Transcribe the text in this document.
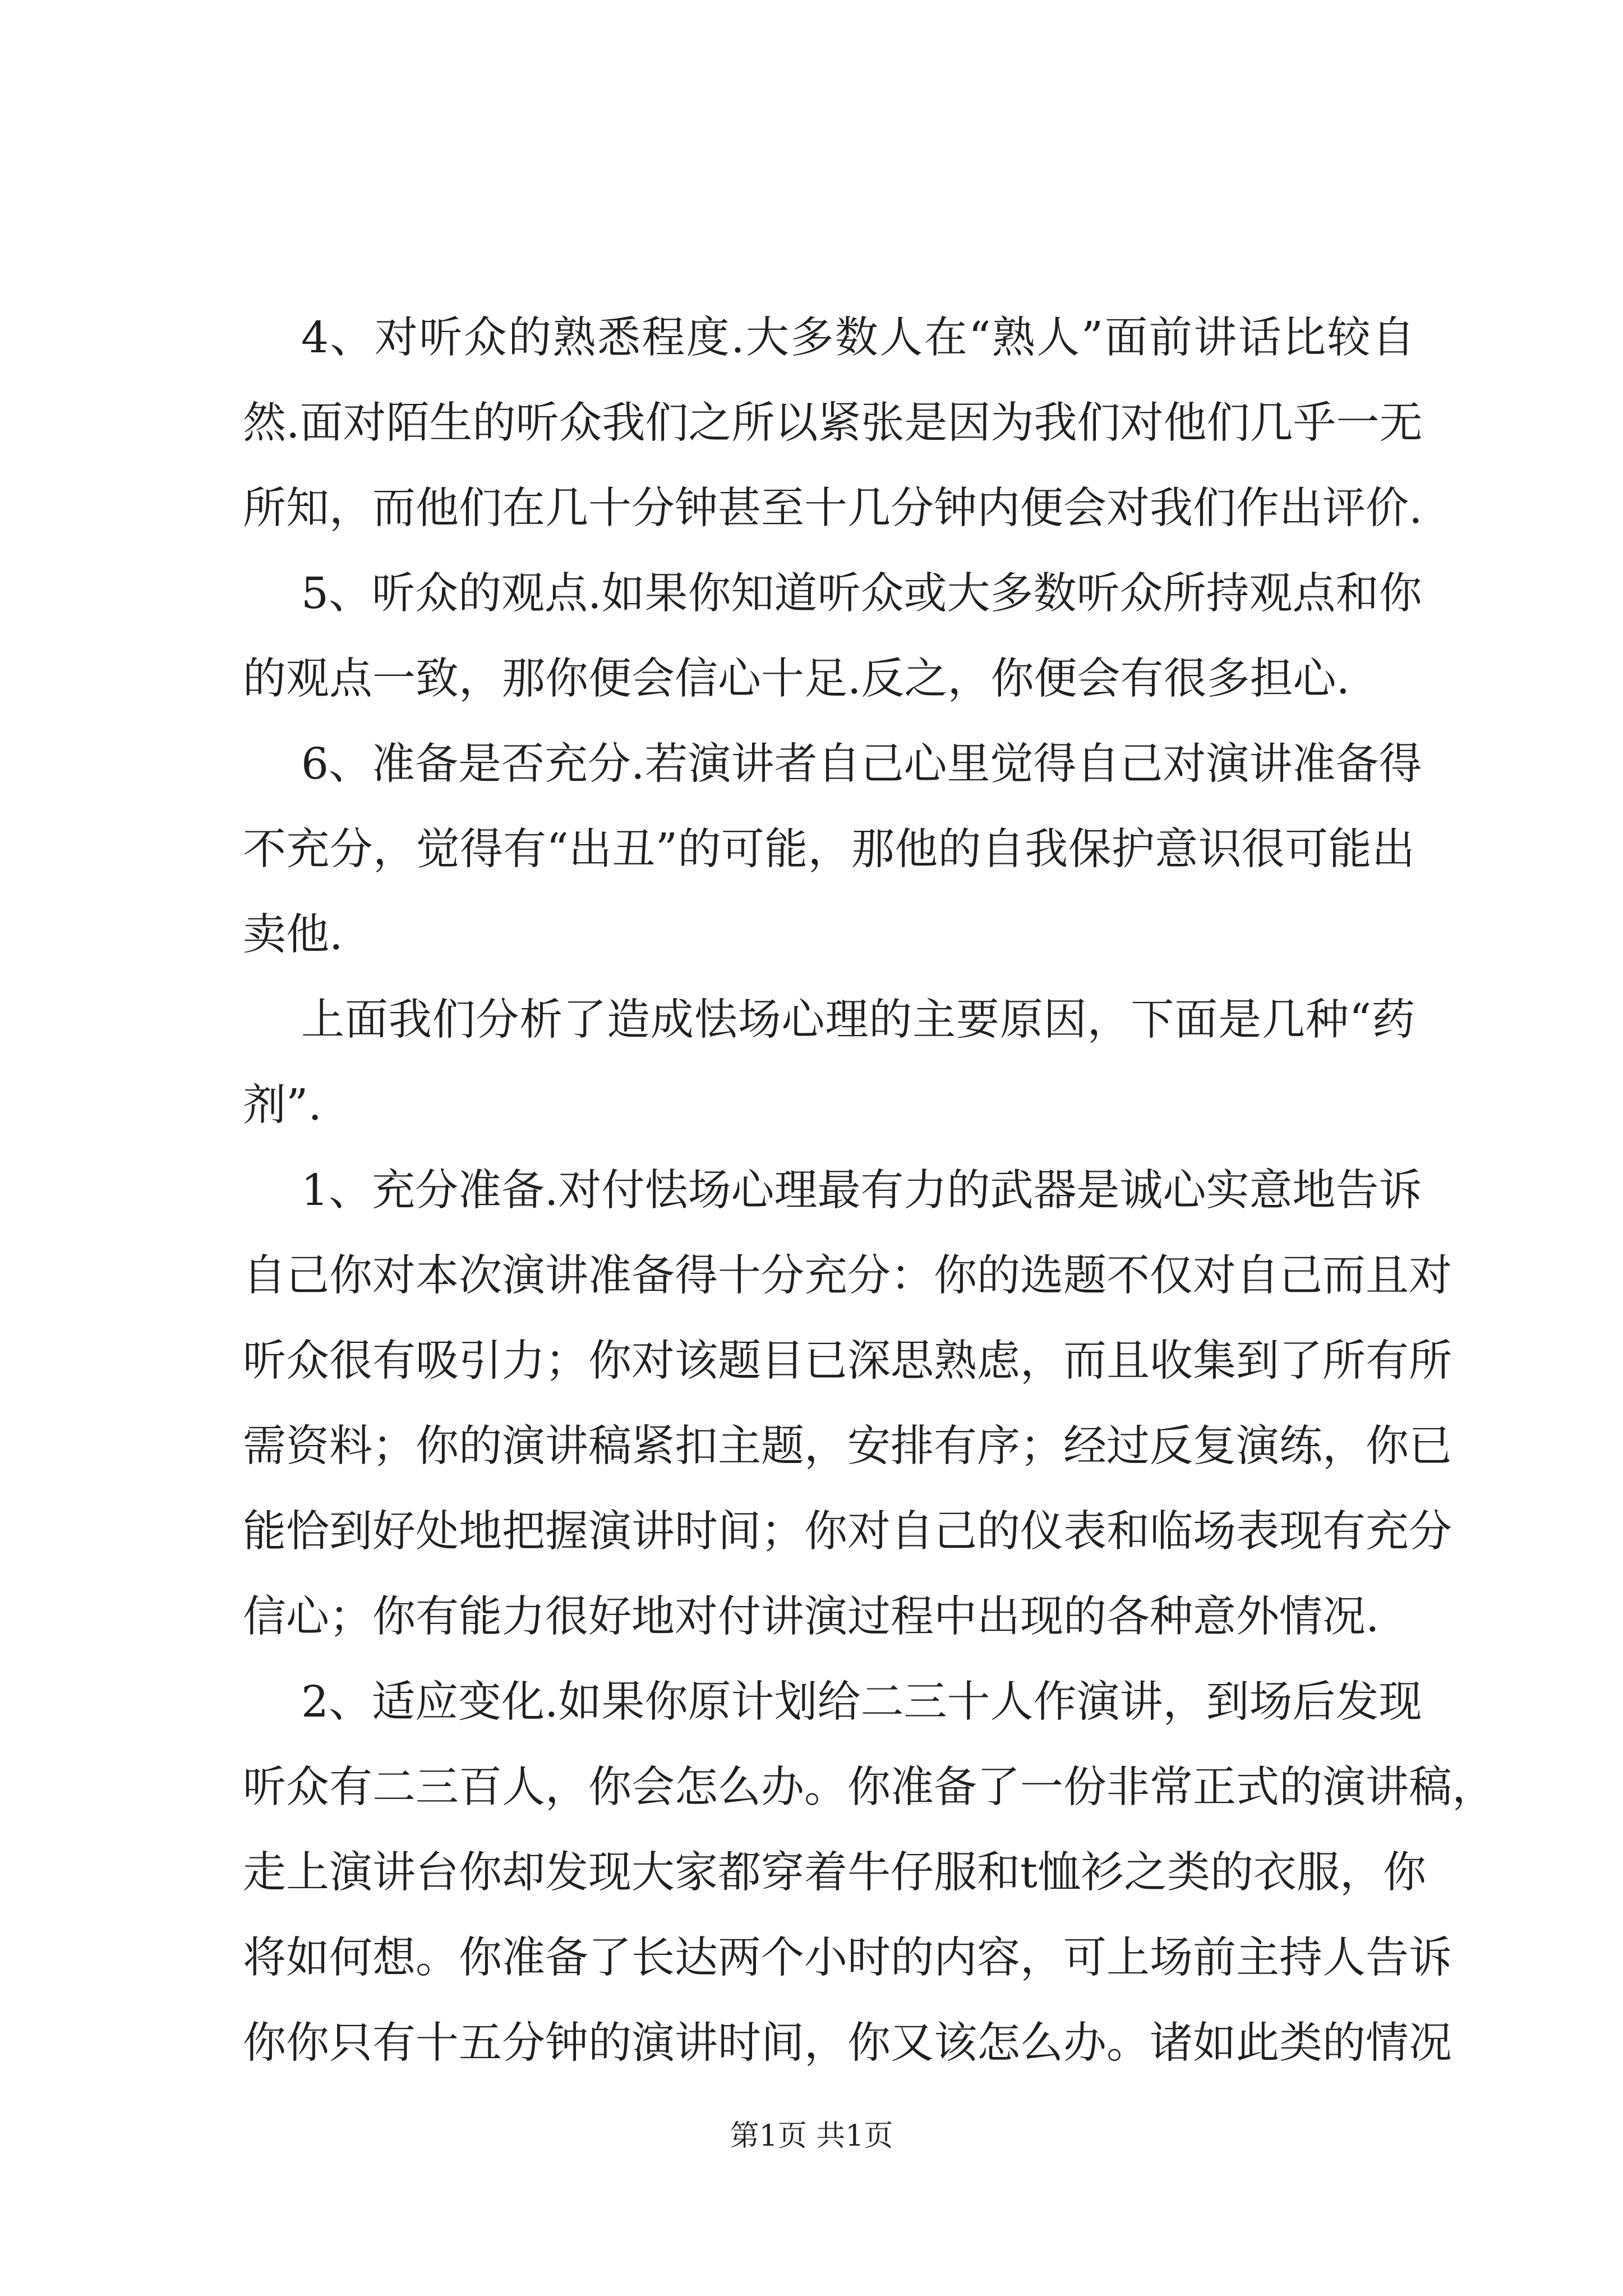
4、对听众的熟悉程度.大多数人在“熟人”面前讲话比较自
然.面对陌生的听众我们之所以紧张是因为我们对他们几乎一无
所知，而他们在几十分钟甚至十几分钟内便会对我们作出评价.
5、听众的观点.如果你知道听众或大多数听众所持观点和你
的观点一致，那你便会信心十足.反之，你便会有很多担心.
6、准备是否充分.若演讲者自己心里觉得自己对演讲准备得
不充分，觉得有“出丑”的可能，那他的自我保护意识很可能出
卖他.
上面我们分析了造成怯场心理的主要原因，下面是几种“药
剂”.
1、充分准备.对付怯场心理最有力的武器是诚心实意地告诉
自己你对本次演讲准备得十分充分：你的选题不仅对自己而且对
听众很有吸引力；你对该题目已深思熟虑，而且收集到了所有所
需资料；你的演讲稿紧扣主题，安排有序；经过反复演练，你已
能恰到好处地把握演讲时间；你对自己的仪表和临场表现有充分
信心；你有能力很好地对付讲演过程中出现的各种意外情况.
2、适应变化.如果你原计划给二三十人作演讲，到场后发现
听众有二三百人，你会怎么办。你准备了一份非常正式的演讲稿，
走上演讲台你却发现大家都穿着牛仔服和t恤衫之类的衣服，你
将如何想。你准备了长达两个小时的内容，可上场前主持人告诉
你你只有十五分钟的演讲时间，你又该怎么办。诸如此类的情况
第1页 共1页
